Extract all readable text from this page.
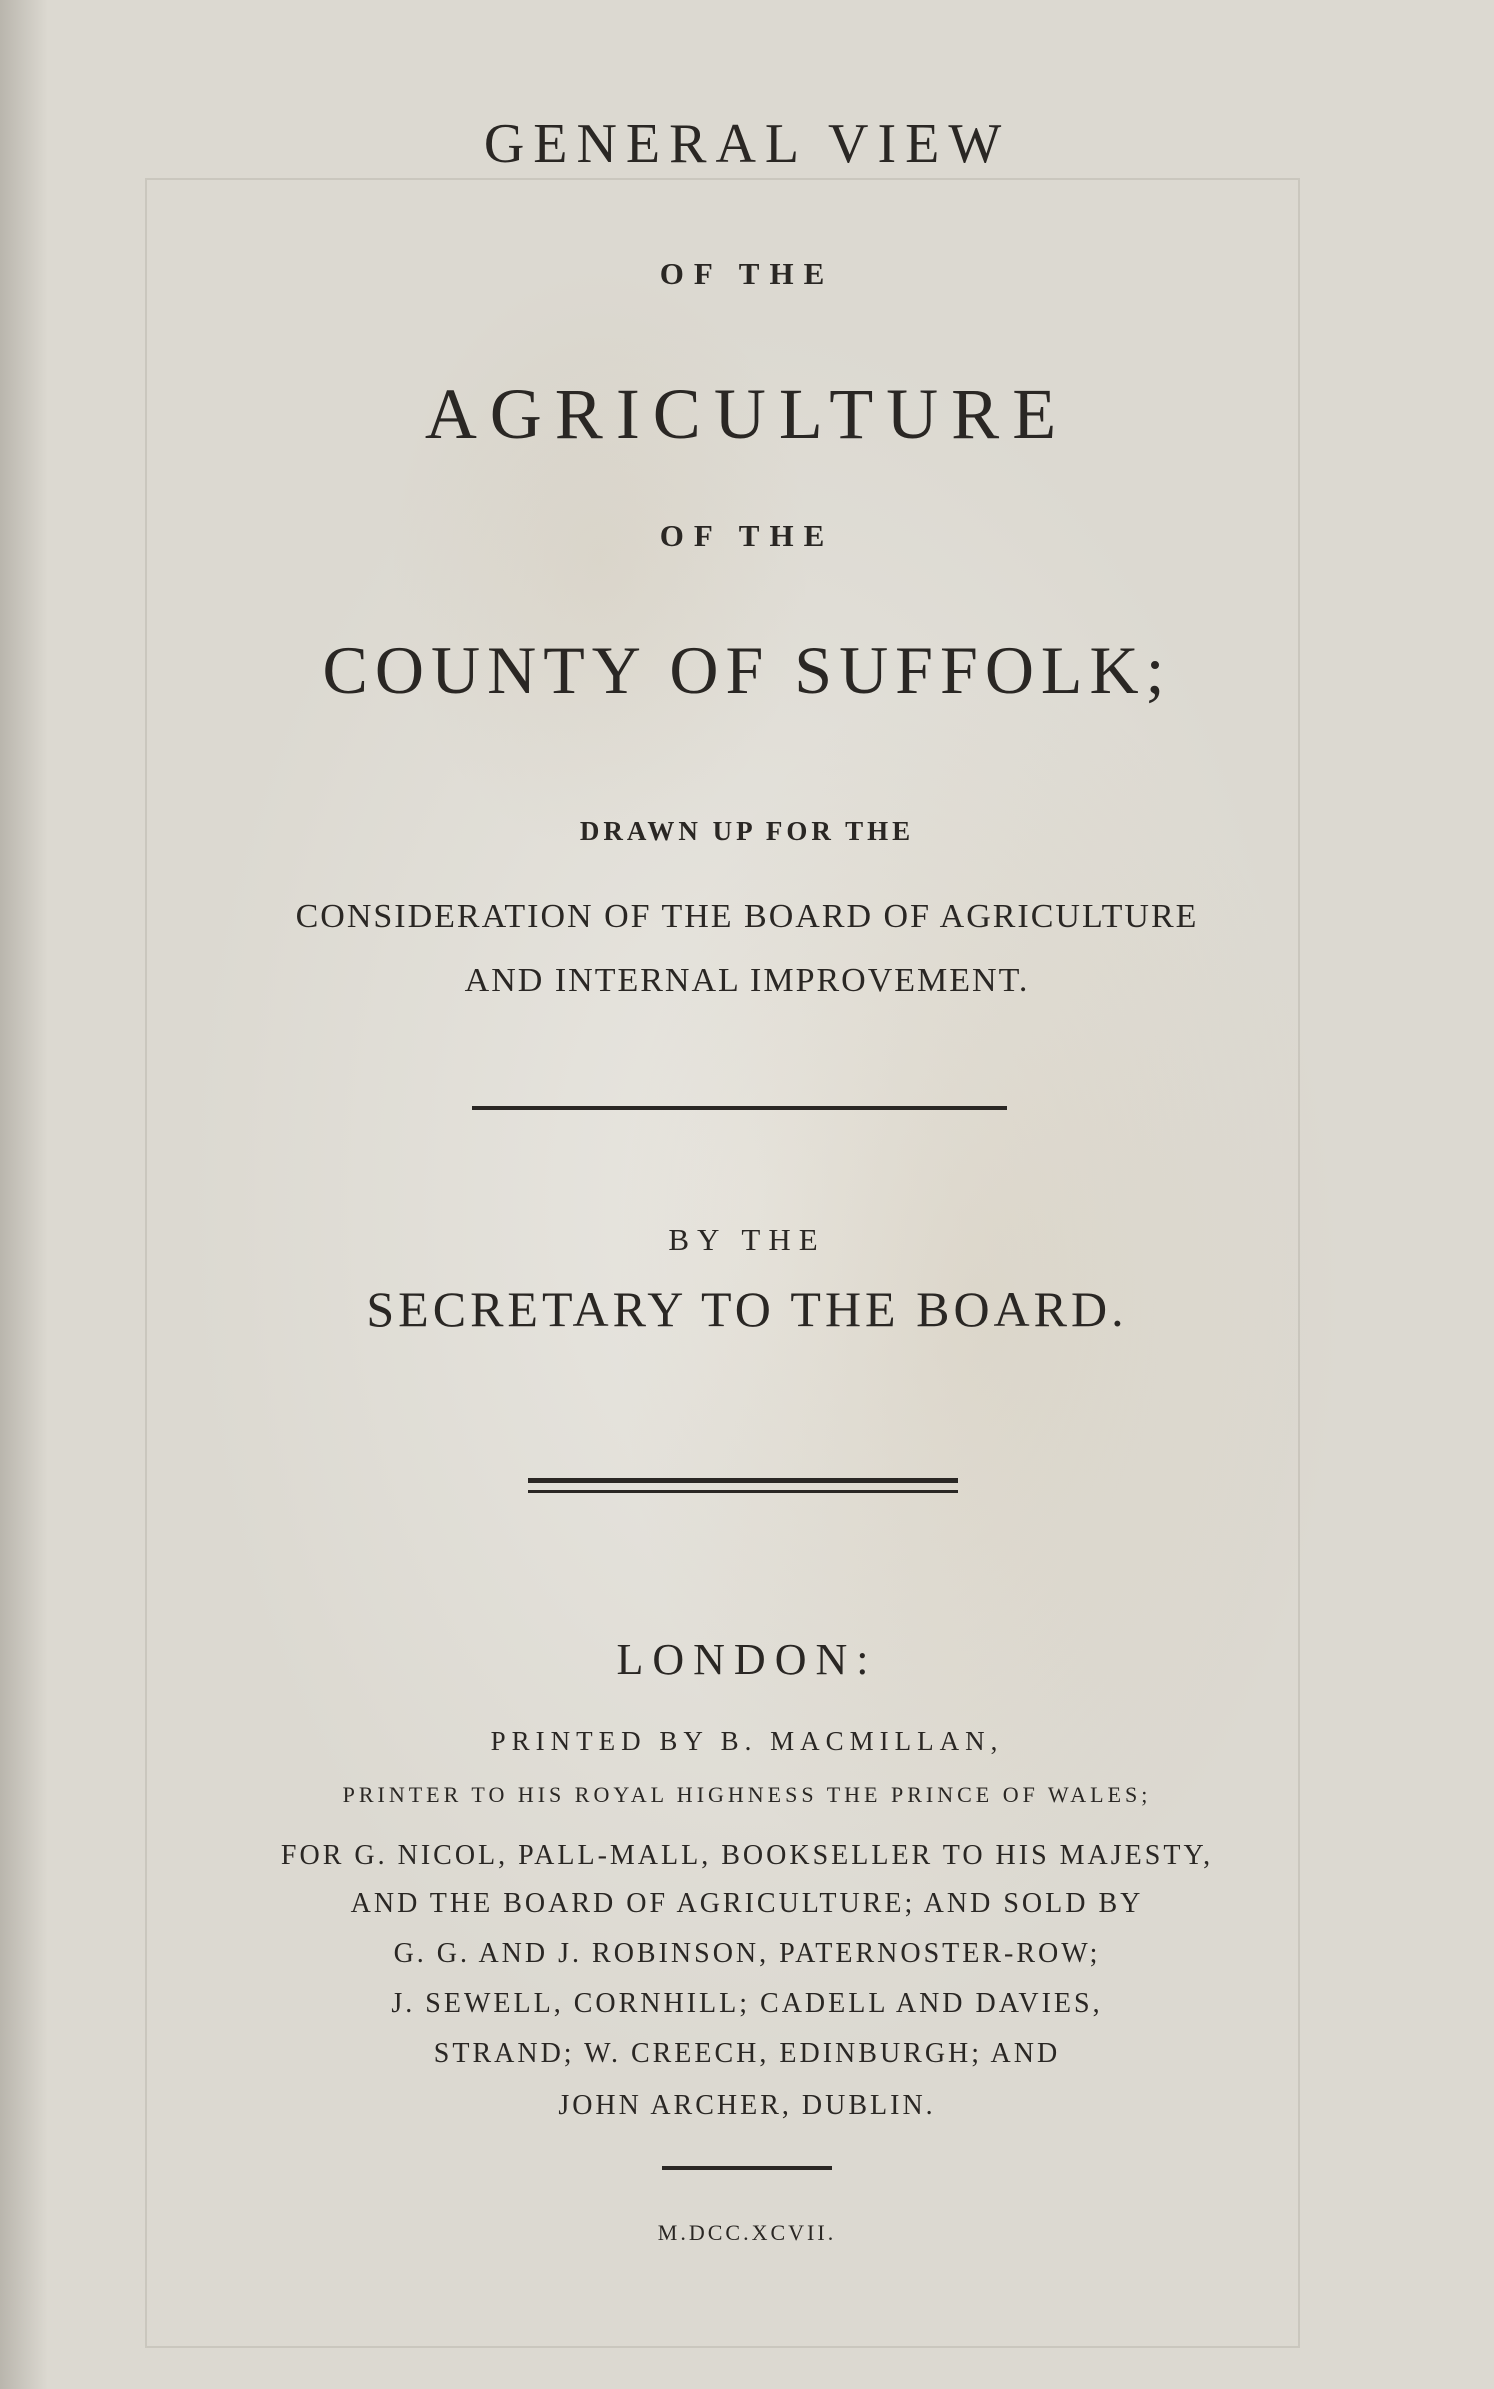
GENERAL VIEW
OF THE
AGRICULTURE
OF THE
COUNTY OF SUFFOLK;
DRAWN UP FOR THE
CONSIDERATION OF THE BOARD OF AGRICULTURE
AND INTERNAL IMPROVEMENT.
BY THE
SECRETARY TO THE BOARD.
LONDON:
PRINTED BY B. MACMILLAN,
PRINTER TO HIS ROYAL HIGHNESS THE PRINCE OF WALES;
FOR G. NICOL, PALL-MALL, BOOKSELLER TO HIS MAJESTY,
AND THE BOARD OF AGRICULTURE; AND SOLD BY
G. G. AND J. ROBINSON, PATERNOSTER-ROW;
J. SEWELL, CORNHILL; CADELL AND DAVIES,
STRAND; W. CREECH, EDINBURGH; AND
JOHN ARCHER, DUBLIN.
M.DCC.XCVII.
